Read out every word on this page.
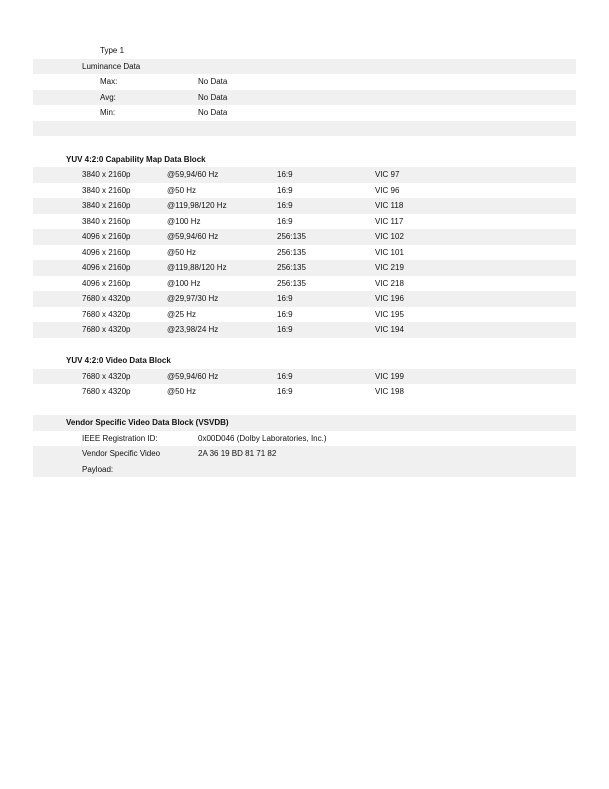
Type 1
Luminance Data
Max:	No Data
Avg:	No Data
Min:	No Data
YUV 4:2:0 Capability Map Data Block
3840 x 2160p	@59,94/60 Hz	16:9	VIC 97
3840 x 2160p	@50 Hz	16:9	VIC 96
3840 x 2160p	@119,98/120 Hz	16:9	VIC 118
3840 x 2160p	@100 Hz	16:9	VIC 117
4096 x 2160p	@59,94/60 Hz	256:135	VIC 102
4096 x 2160p	@50 Hz	256:135	VIC 101
4096 x 2160p	@119,88/120 Hz	256:135	VIC 219
4096 x 2160p	@100 Hz	256:135	VIC 218
7680 x 4320p	@29,97/30 Hz	16:9	VIC 196
7680 x 4320p	@25 Hz	16:9	VIC 195
7680 x 4320p	@23,98/24 Hz	16:9	VIC 194
YUV 4:2:0 Video Data Block
7680 x 4320p	@59,94/60 Hz	16:9	VIC 199
7680 x 4320p	@50 Hz	16:9	VIC 198
Vendor Specific Video Data Block (VSVDB)
IEEE Registration ID:	0x00D046 (Dolby Laboratories, Inc.)
Vendor Specific Video Payload:
2A 36 19 BD 81 71 82
